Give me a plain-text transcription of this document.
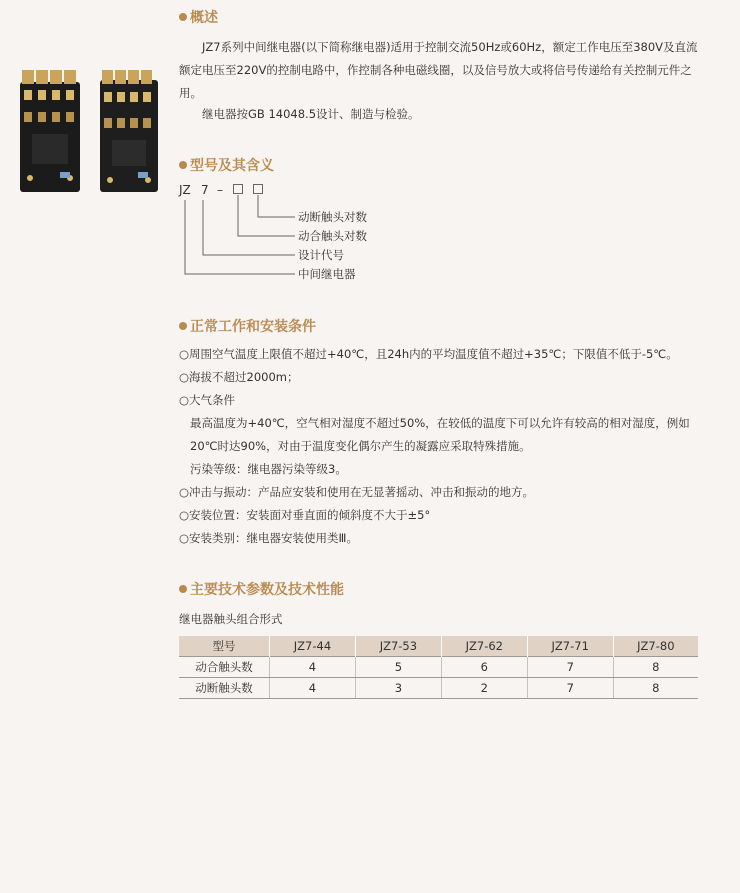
概述

　　JZ7系列中间继电器(以下简称继电器)适用于控制交流50Hz或60Hz，额定工作电压至380V及直流额定电压至220V的控制电路中，作控制各种电磁线圈，以及信号放大或将信号传递给有关控制元件之用。

　　继电器按GB 14048.5设计、制造与检验。

型号及其含义
JZ 7 –
动断触头对数
动合触头对数
设计代号
中间继电器
正常工作和安装条件
○周围空气温度上限值不超过+40℃，且24h内的平均温度值不超过+35℃；下限值不低于-5℃。
○海拔不超过2000m；
○大气条件
最高温度为+40℃，空气相对湿度不超过50%，在较低的温度下可以允许有较高的相对湿度，例如
20℃时达90%，对由于温度变化偶尔产生的凝露应采取特殊措施。
污染等级：继电器污染等级3。
○冲击与振动：产品应安装和使用在无显著摇动、冲击和振动的地方。
○安装位置：安装面对垂直面的倾斜度不大于±5°
○安装类别：继电器安装使用类Ⅲ。
主要技术参数及技术性能
继电器触头组合形式
型号	JZ7-44	JZ7-53	JZ7-62	JZ7-71	JZ7-80
动合触头数	4	5	6	7	8
动断触头数	4	3	2	7	8
